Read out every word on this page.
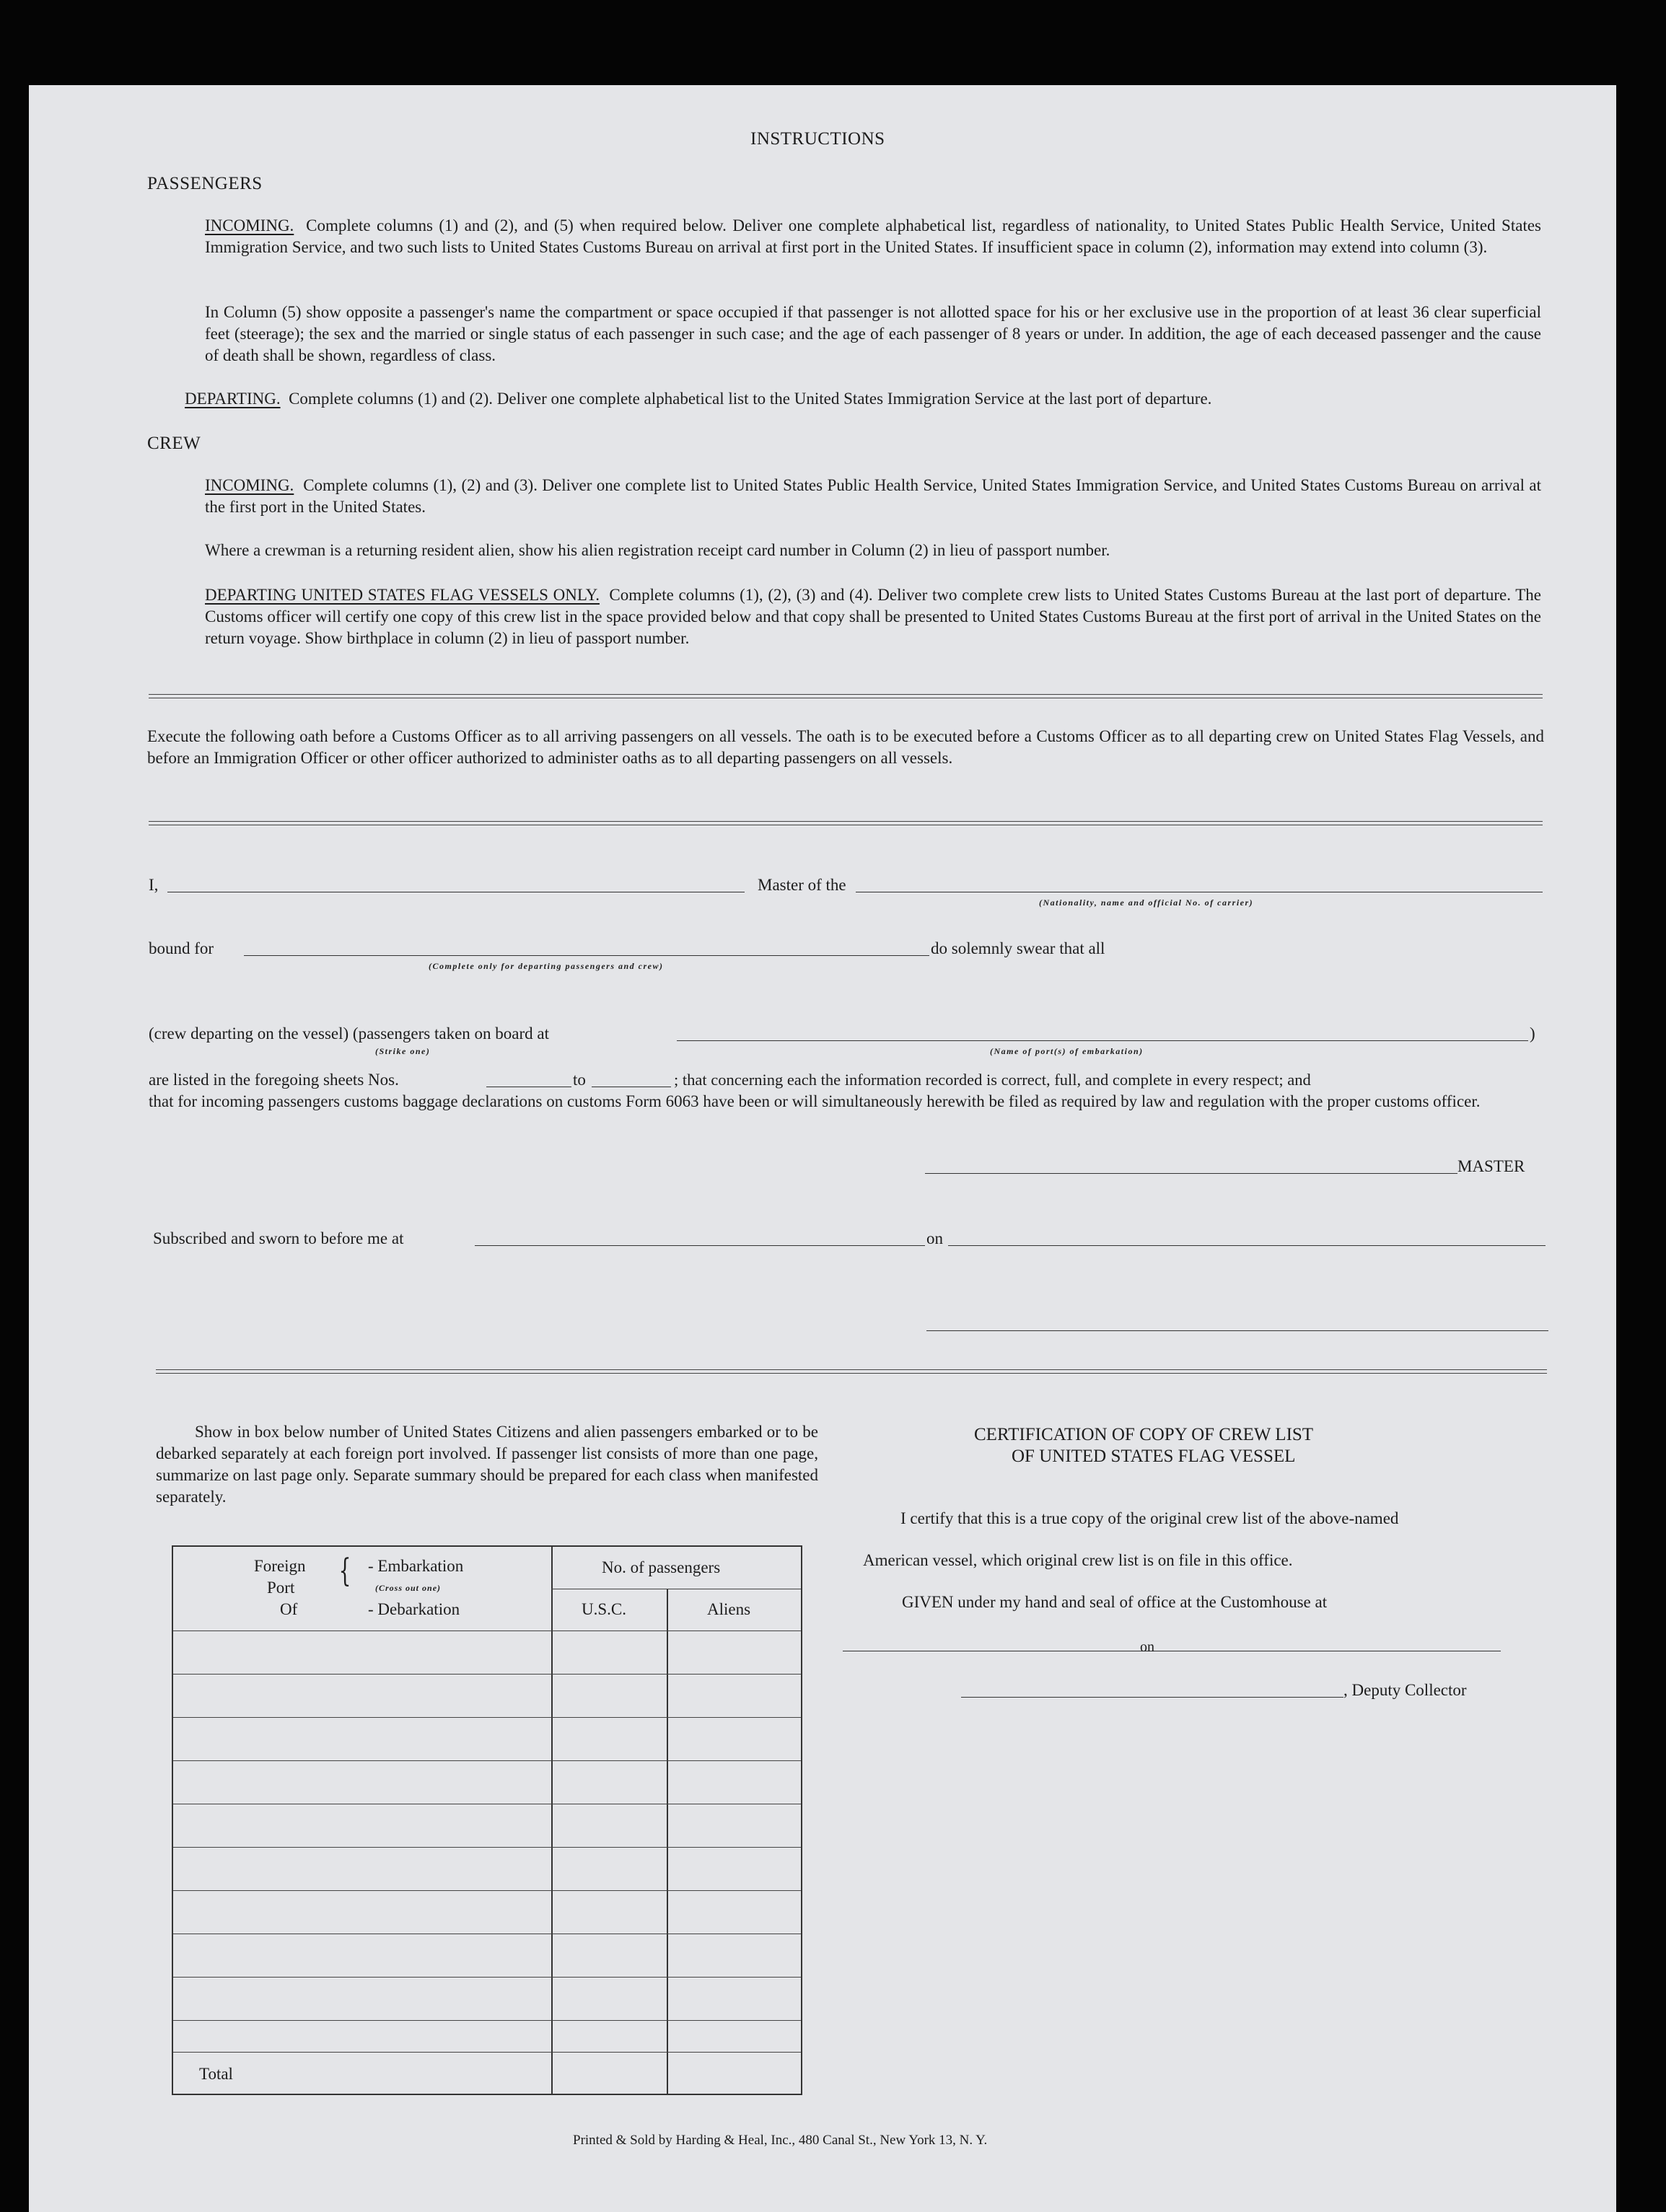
INSTRUCTIONS
PASSENGERS
INCOMING. Complete columns (1) and (2), and (5) when required below. Deliver one complete alphabetical list, regardless of nationality, to United States Public Health Service, United States Immigration Service, and two such lists to United States Customs Bureau on arrival at first port in the United States. If insufficient space in column (2), information may extend into column (3).
In Column (5) show opposite a passenger's name the compartment or space occupied if that passenger is not allotted space for his or her exclusive use in the proportion of at least 36 clear superficial feet (steerage); the sex and the married or single status of each passenger in such case; and the age of each passenger of 8 years or under. In addition, the age of each deceased passenger and the cause of death shall be shown, regardless of class.
DEPARTING. Complete columns (1) and (2). Deliver one complete alphabetical list to the United States Immigration Service at the last port of departure.
CREW
INCOMING. Complete columns (1), (2) and (3). Deliver one complete list to United States Public Health Service, United States Immigration Service, and United States Customs Bureau on arrival at the first port in the United States.
Where a crewman is a returning resident alien, show his alien registration receipt card number in Column (2) in lieu of passport number.
DEPARTING UNITED STATES FLAG VESSELS ONLY. Complete columns (1), (2), (3) and (4). Deliver two complete crew lists to United States Customs Bureau at the last port of departure. The Customs officer will certify one copy of this crew list in the space provided below and that copy shall be presented to United States Customs Bureau at the first port of arrival in the United States on the return voyage. Show birthplace in column (2) in lieu of passport number.
Execute the following oath before a Customs Officer as to all arriving passengers on all vessels. The oath is to be executed before a Customs Officer as to all departing crew on United States Flag Vessels, and before an Immigration Officer or other officer authorized to administer oaths as to all departing passengers on all vessels.
I,	Master of the
(Nationality, name and official No. of carrier)
bound for	do solemnly swear that all
(Complete only for departing passengers and crew)
(crew departing on the vessel) (passengers taken on board at	)
(Strike one)	(Name of port(s) of embarkation)
are listed in the foregoing sheets Nos.	to	; that concerning each the information recorded is correct, full, and complete in every respect; and
that for incoming passengers customs baggage declarations on customs Form 6063 have been or will simultaneously herewith be filed as required by law and regulation with the proper customs officer.
MASTER
Subscribed and sworn to before me at	on
Show in box below number of United States Citizens and alien passengers embarked or to be debarked separately at each foreign port involved. If passenger list consists of more than one page, summarize on last page only. Separate summary should be prepared for each class when manifested separately.
Foreign
Port
Of
{ - Embarkation
(Cross out one)
- Debarkation
No. of passengers
U.S.C.	Aliens
Total
CERTIFICATION OF COPY OF CREW LIST
OF UNITED STATES FLAG VESSEL
I certify that this is a true copy of the original crew list of the above-named
American vessel, which original crew list is on file in this office.
GIVEN under my hand and seal of office at the Customhouse at
on
, Deputy Collector
Printed & Sold by Harding & Heal, Inc., 480 Canal St., New York 13, N. Y.
